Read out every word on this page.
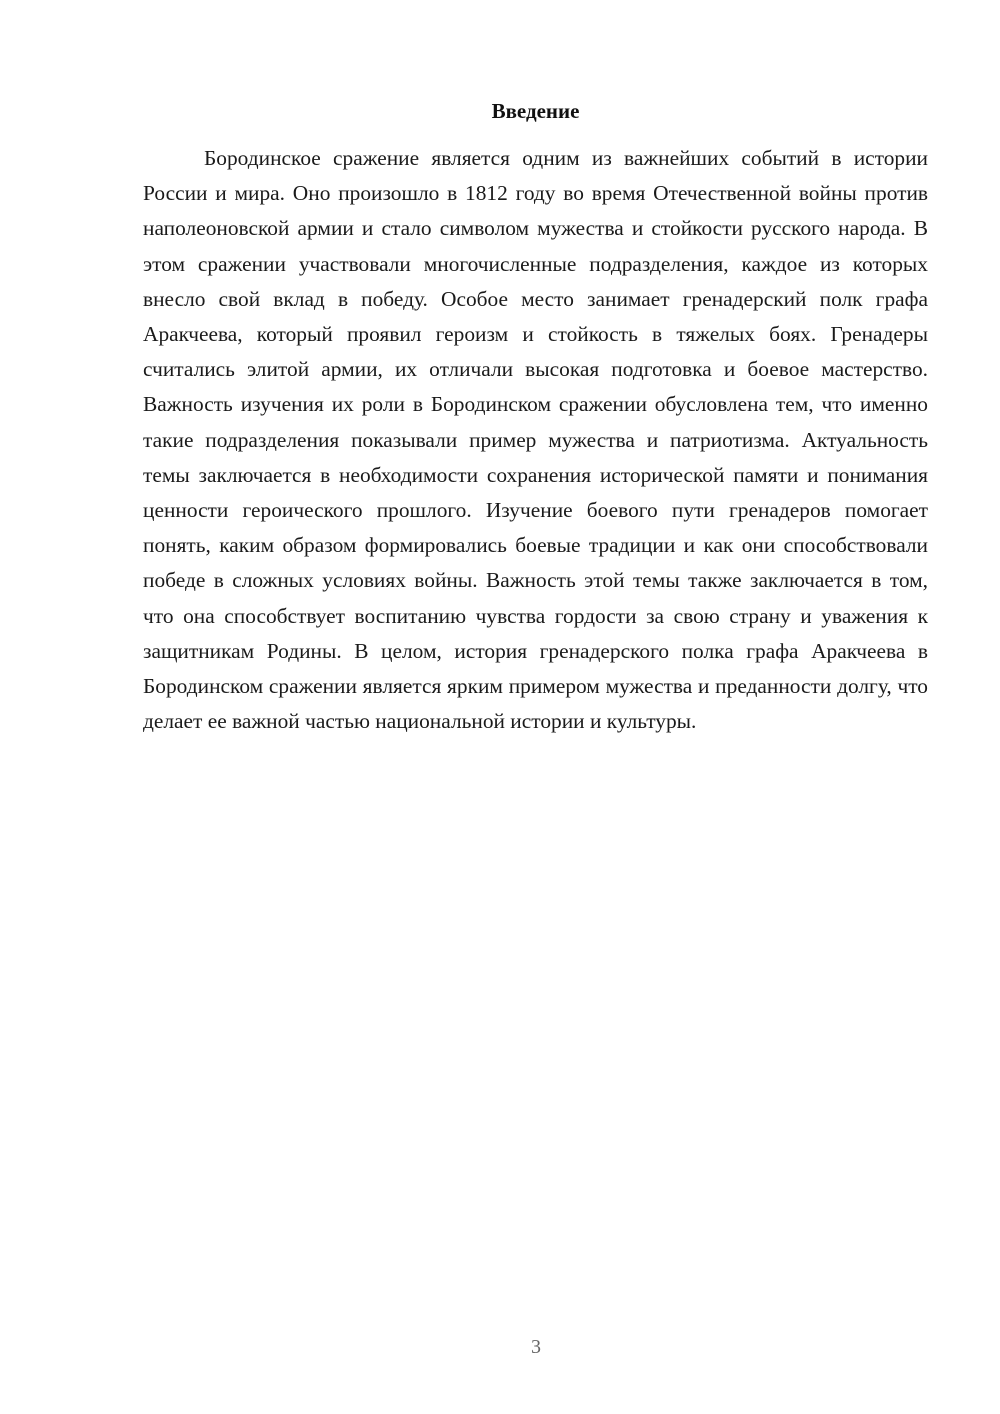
Введение

Бородинское сражение является одним из важнейших событий в истории России и мира. Оно произошло в 1812 году во время Отечественной войны против наполеоновской армии и стало символом мужества и стойкости русского народа. В этом сражении участвовали многочисленные подразделения, каждое из которых внесло свой вклад в победу. Особое место занимает гренадерский полк графа Аракчеева, который проявил героизм и стойкость в тяжелых боях. Гренадеры считались элитой армии, их отличали высокая подготовка и боевое мастерство. Важность изучения их роли в Бородинском сражении обусловлена тем, что именно такие подразделения показывали пример мужества и патриотизма. Актуальность темы заключается в необходимости сохранения исторической памяти и понимания ценности героического прошлого. Изучение боевого пути гренадеров помогает понять, каким образом формировались боевые традиции и как они способствовали победе в сложных условиях войны. Важность этой темы также заключается в том, что она способствует воспитанию чувства гордости за свою страну и уважения к защитникам Родины. В целом, история гренадерского полка графа Аракчеева в Бородинском сражении является ярким примером мужества и преданности долгу, что делает ее важной частью национальной истории и культуры.

3
